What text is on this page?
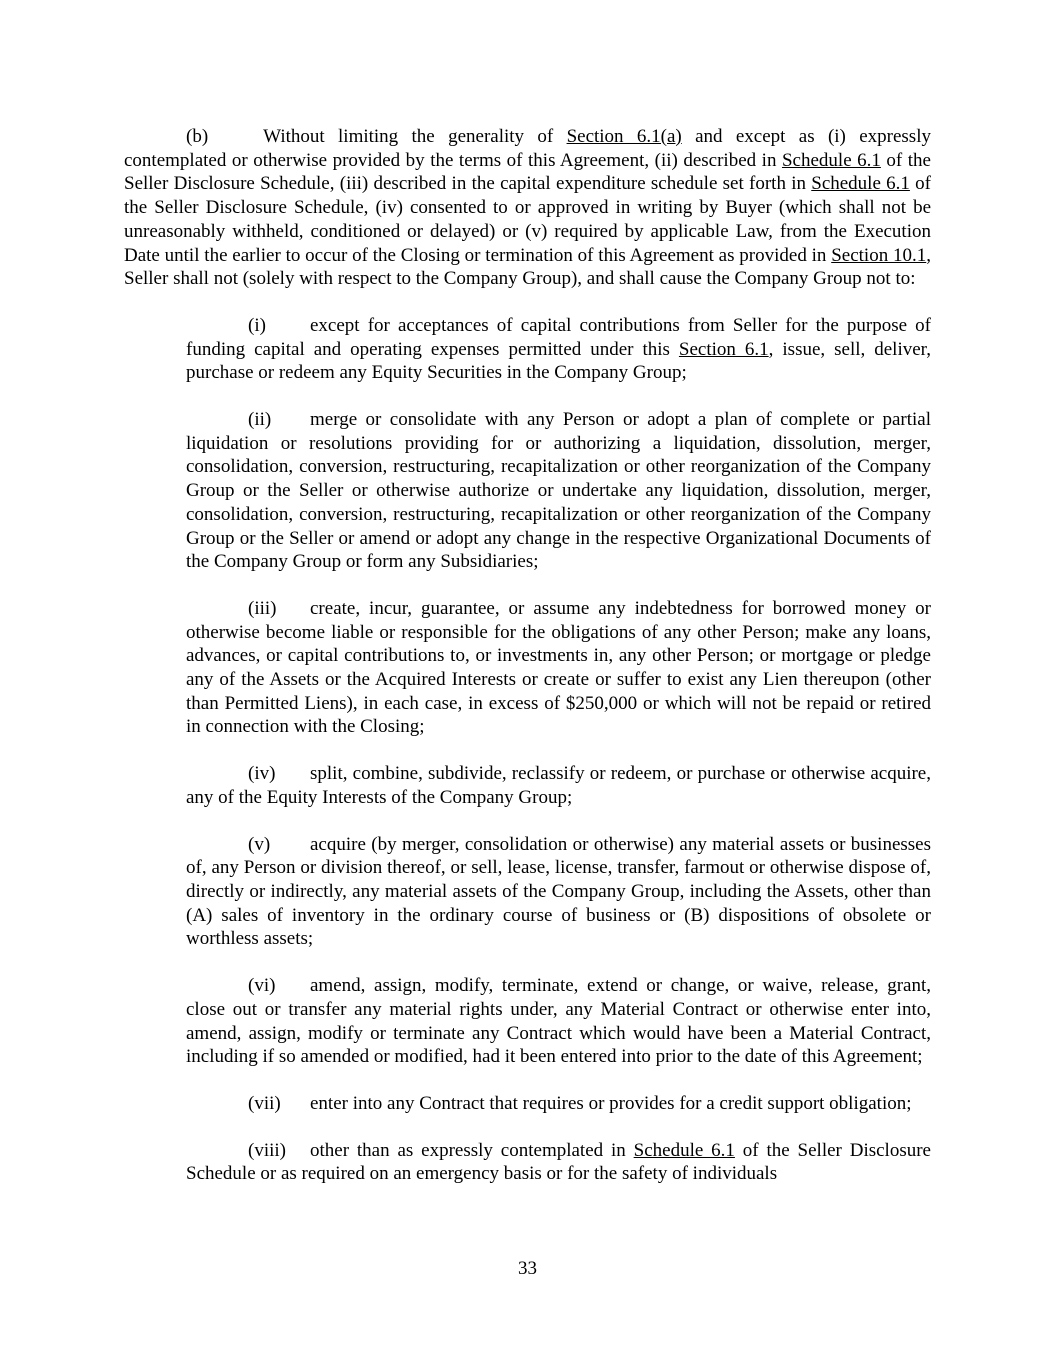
(b) Without limiting the generality of Section 6.1(a) and except as (i) expressly contemplated or otherwise provided by the terms of this Agreement, (ii) described in Schedule 6.1 of the Seller Disclosure Schedule, (iii) described in the capital expenditure schedule set forth in Schedule 6.1 of the Seller Disclosure Schedule, (iv) consented to or approved in writing by Buyer (which shall not be unreasonably withheld, conditioned or delayed) or (v) required by applicable Law, from the Execution Date until the earlier to occur of the Closing or termination of this Agreement as provided in Section 10.1, Seller shall not (solely with respect to the Company Group), and shall cause the Company Group not to:

(i) except for acceptances of capital contributions from Seller for the purpose of funding capital and operating expenses permitted under this Section 6.1, issue, sell, deliver, purchase or redeem any Equity Securities in the Company Group;

(ii) merge or consolidate with any Person or adopt a plan of complete or partial liquidation or resolutions providing for or authorizing a liquidation, dissolution, merger, consolidation, conversion, restructuring, recapitalization or other reorganization of the Company Group or the Seller or otherwise authorize or undertake any liquidation, dissolution, merger, consolidation, conversion, restructuring, recapitalization or other reorganization of the Company Group or the Seller or amend or adopt any change in the respective Organizational Documents of the Company Group or form any Subsidiaries;

(iii) create, incur, guarantee, or assume any indebtedness for borrowed money or otherwise become liable or responsible for the obligations of any other Person; make any loans, advances, or capital contributions to, or investments in, any other Person; or mortgage or pledge any of the Assets or the Acquired Interests or create or suffer to exist any Lien thereupon (other than Permitted Liens), in each case, in excess of $250,000 or which will not be repaid or retired in connection with the Closing;

(iv) split, combine, subdivide, reclassify or redeem, or purchase or otherwise acquire, any of the Equity Interests of the Company Group;

(v) acquire (by merger, consolidation or otherwise) any material assets or businesses of, any Person or division thereof, or sell, lease, license, transfer, farmout or otherwise dispose of, directly or indirectly, any material assets of the Company Group, including the Assets, other than (A) sales of inventory in the ordinary course of business or (B) dispositions of obsolete or worthless assets;

(vi) amend, assign, modify, terminate, extend or change, or waive, release, grant, close out or transfer any material rights under, any Material Contract or otherwise enter into, amend, assign, modify or terminate any Contract which would have been a Material Contract, including if so amended or modified, had it been entered into prior to the date of this Agreement;

(vii) enter into any Contract that requires or provides for a credit support obligation;

(viii) other than as expressly contemplated in Schedule 6.1 of the Seller Disclosure Schedule or as required on an emergency basis or for the safety of individuals

33
